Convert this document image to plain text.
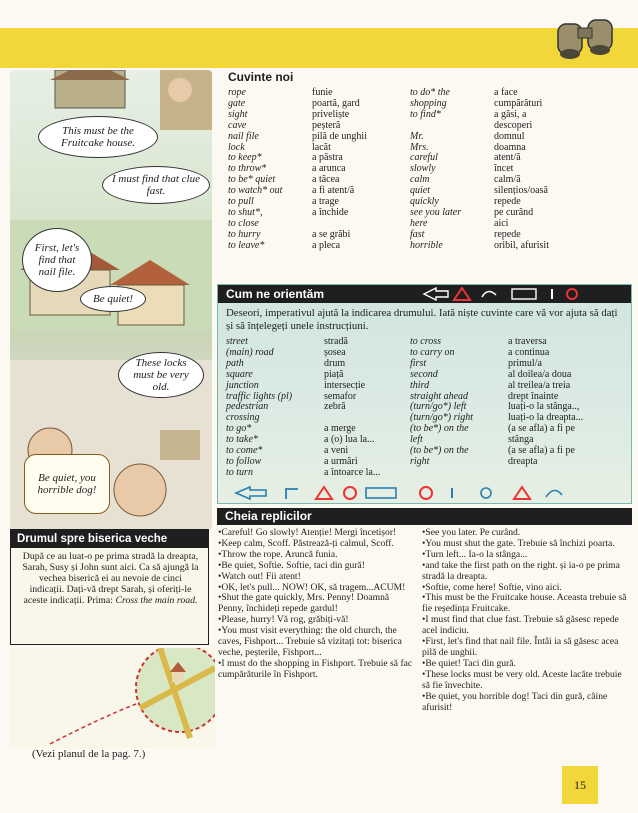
This must be the Fruitcake house.
I must find that clue fast.
First, let's find that nail file.
Be quiet!
These locks must be very old.
Be quiet, you horrible dog!
Cuvinte noi
rope	funie
gate	poartă, gard
sight	priveliște
cave	peșteră
nail file	pilă de unghii
lock	lacăt
to keep*	a păstra
to throw*	a arunca
to be* quiet	a tăcea
to watch* out	a fi atent/ă
to pull	a trage
to shut*,	a închide
to close
to hurry	a se grăbi
to leave*	a pleca
to do* the	a face
shopping	cumpărături
to find*	a găsi, a
descoperi
Mr.	domnul
Mrs.	doamna
careful	atent/ă
slowly	încet
calm	calm/ă
quiet	silențios/oasă
quickly	repede
see you later	pe curând
here	aici
fast	repede
horrible	oribil, afurisit
Cum ne orientăm
Deseori, imperativul ajută la indicarea drumului. Iată niște cuvinte care vă vor ajuta să dați și să înțelegeți unele instrucțiuni.
street	stradă
(main) road	șosea
path	drum
square	piață
junction	intersecție
traffic lights (pl)	semafor
pedestrian	zebră
crossing
to go*	a merge
to take*	a (o) lua la...
to come*	a veni
to follow	a urmări
to turn	a întoarce la...
to cross	a traversa
to carry on	a continua
first	primul/a
second	al doilea/a doua
third	al treilea/a treia
straight ahead	drept înainte
(turn/go*) left	luați-o la stânga..,
(turn/go*) right	luați-o la dreapta...
(to be*) on the	(a se afla) a fi pe
left	stânga
(to be*) on the	(a se afla) a fi pe
right	dreapta
Cheia replicilor

•Careful! Go slowly! Atenție! Mergi încetișor!

•Keep calm, Scoff. Păstrează-ți calmul, Scoff.

•Throw the rope. Aruncă funia.

•Be quiet, Softie. Softie, taci din gură!

•Watch out! Fii atent!

•OK, let's pull... NOW! OK, să tragem...ACUM!

•Shut the gate quickly, Mrs. Penny! Doamnă Penny, închideți repede gardul!

•Please, hurry! Vă rog, grăbiți-vă!

•You must visit everything: the old church, the caves, Fishport... Trebuie să vizitați tot: biserica veche, peșterile, Fishport...

•I must do the shopping in Fishport. Trebuie să fac cumpărăturile în Fishport.

•See you later. Pe curând.

•You must shut the gate. Trebuie să închizi poarta.

•Turn left... Ia-o la stânga...

•and take the first path on the right. și ia-o pe prima stradă la dreapta.

•Softie, come here! Softie, vino aici.

•This must be the Fruitcake house. Aceasta trebuie să fie reședința Fruitcake.

•I must find that clue fast. Trebuie să găsesc repede acel indiciu.

•First, let's find that nail file. Întâi ia să găsesc acea pilă de unghii.

•Be quiet! Taci din gură.

•These locks must be very old. Aceste lacăte trebuie să fie învechite.

•Be quiet, you horrible dog! Taci din gură, câine afurisit!

Drumul spre biserica veche
După ce au luat-o pe prima stradă la dreapta, Sarah, Susy și John sunt aici. Ca să ajungă la vechea biserică ei au nevoie de cinci indicații. Dați-vă drept Sarah, și oferiți-le aceste indicații. Prima: Cross the main road.
(Vezi planul de la pag. 7.)
15
